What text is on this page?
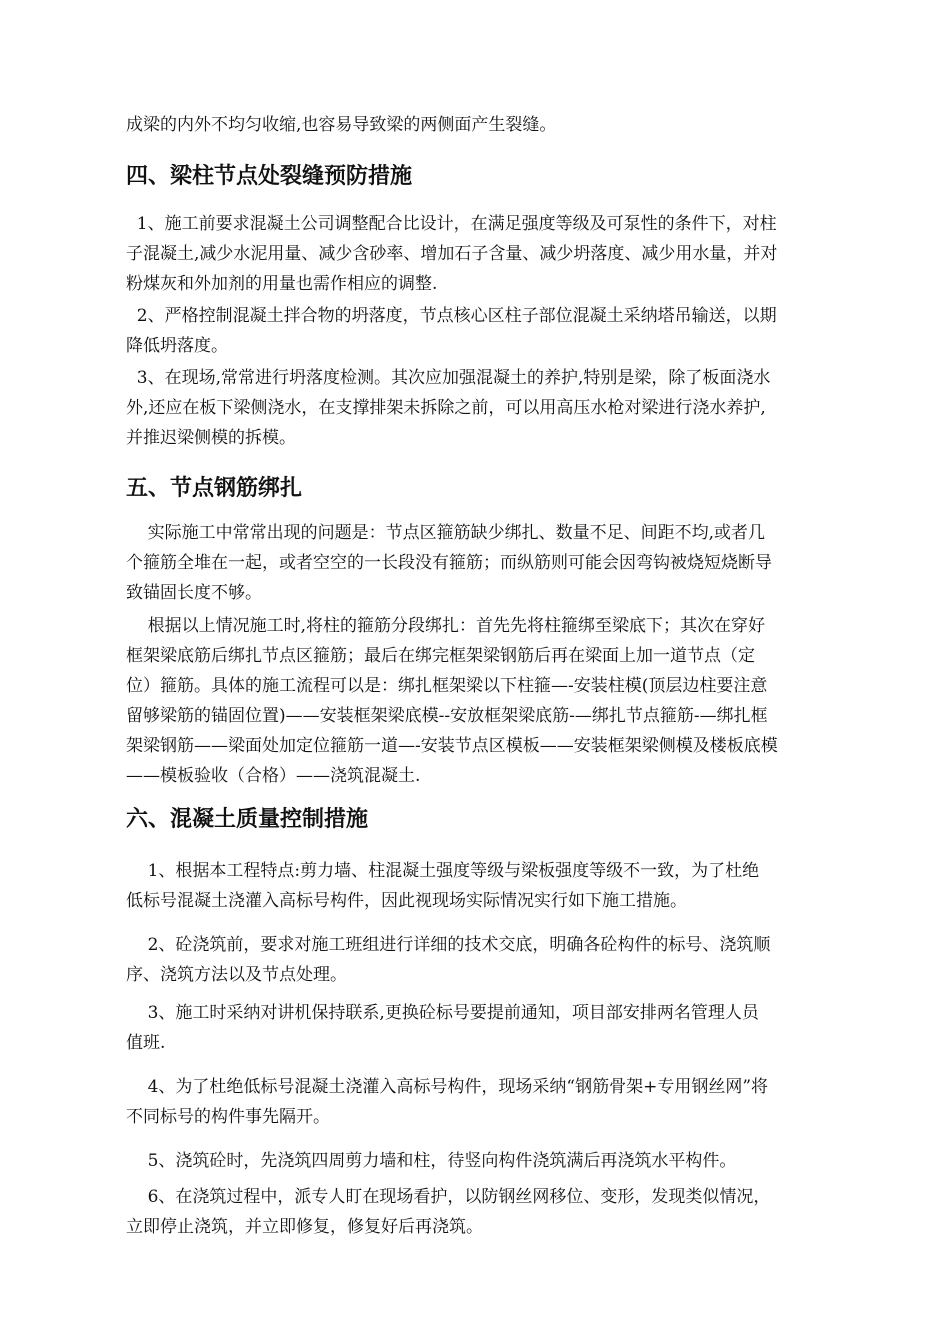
成梁的内外不均匀收缩,也容易导致梁的两侧面产生裂缝。

四、梁柱节点处裂缝预防措施

1、施工前要求混凝土公司调整配合比设计，在满足强度等级及可泵性的条件下，对柱
子混凝土,减少水泥用量、减少含砂率、增加石子含量、减少坍落度、减少用水量，并对
粉煤灰和外加剂的用量也需作相应的调整.

2、严格控制混凝土拌合物的坍落度，节点核心区柱子部位混凝土采纳塔吊输送，以期
降低坍落度。

3、在现场,常常进行坍落度检测。其次应加强混凝土的养护,特别是梁，除了板面浇水
外,还应在板下梁侧浇水，在支撑排架未拆除之前，可以用高压水枪对梁进行浇水养护,
并推迟梁侧模的拆模。

五、节点钢筋绑扎

实际施工中常常出现的问题是：节点区箍筋缺少绑扎、数量不足、间距不均,或者几
个箍筋全堆在一起，或者空空的一长段没有箍筋；而纵筋则可能会因弯钩被烧短烧断导
致锚固长度不够。

根据以上情况施工时,将柱的箍筋分段绑扎：首先先将柱箍绑至梁底下；其次在穿好
框架梁底筋后绑扎节点区箍筋；最后在绑完框架梁钢筋后再在梁面上加一道节点（定
位）箍筋。具体的施工流程可以是：绑扎框架梁以下柱箍—-安装柱模(顶层边柱要注意
留够梁筋的锚固位置)——安装框架梁底模--安放框架梁底筋-—绑扎节点箍筋-—绑扎框
架梁钢筋——梁面处加定位箍筋一道—-安装节点区模板——安装框架梁侧模及楼板底模
——模板验收（合格）——浇筑混凝土.

六、混凝土质量控制措施

1、根据本工程特点:剪力墙、柱混凝土强度等级与梁板强度等级不一致，为了杜绝
低标号混凝土浇灌入高标号构件，因此视现场实际情况实行如下施工措施。

2、砼浇筑前，要求对施工班组进行详细的技术交底，明确各砼构件的标号、浇筑顺
序、浇筑方法以及节点处理。

3、施工时采纳对讲机保持联系,更换砼标号要提前通知，项目部安排两名管理人员
值班.

4、为了杜绝低标号混凝土浇灌入高标号构件，现场采纳“钢筋骨架+专用钢丝网”将
不同标号的构件事先隔开。

5、浇筑砼时，先浇筑四周剪力墙和柱，待竖向构件浇筑满后再浇筑水平构件。

6、在浇筑过程中，派专人盯在现场看护，以防钢丝网移位、变形，发现类似情况，
立即停止浇筑，并立即修复，修复好后再浇筑。
